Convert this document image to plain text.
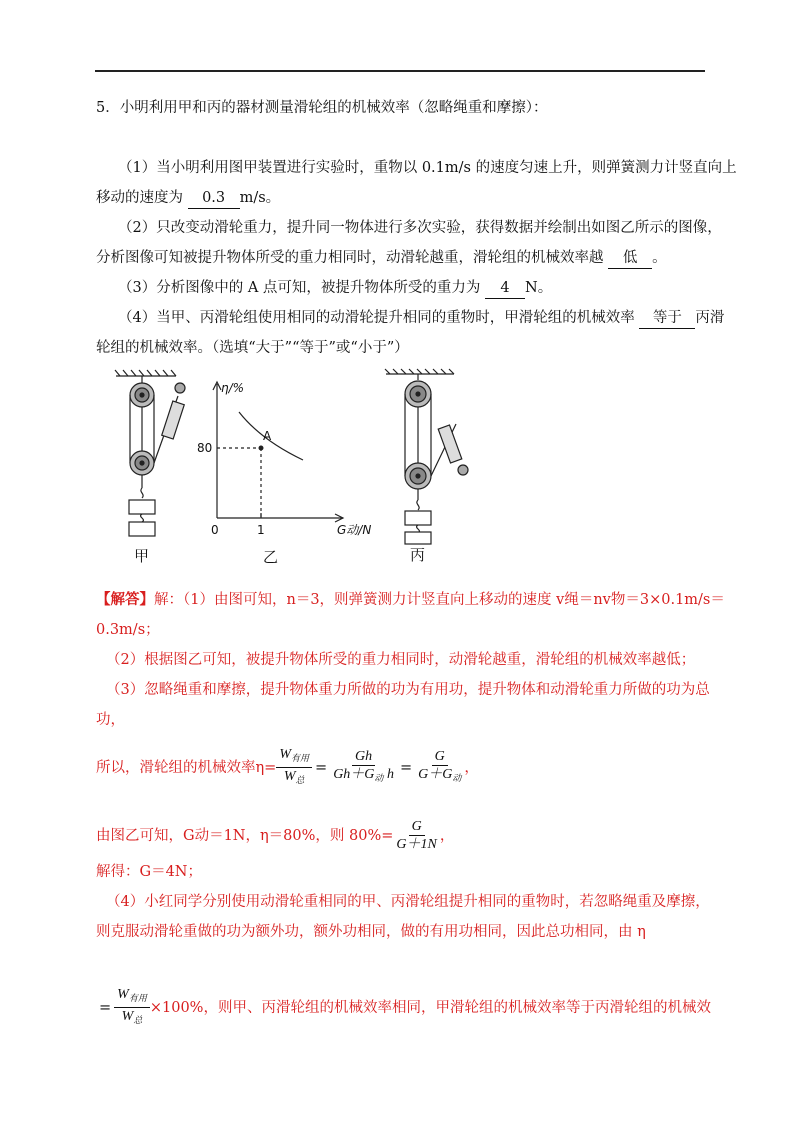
5．小明利用甲和丙的器材测量滑轮组的机械效率（忽略绳重和摩擦）：
（1）当小明利用图甲装置进行实验时，重物以 0.1m/s 的速度匀速上升，则弹簧测力计竖直向上
移动的速度为 0.3 m/s。
（2）只改变动滑轮重力，提升同一物体进行多次实验，获得数据并绘制出如图乙所示的图像，
分析图像可知被提升物体所受的重力相同时，动滑轮越重，滑轮组的机械效率越 低 。
（3）分析图像中的 A 点可知，被提升物体所受的重力为 4 N。
（4）当甲、丙滑轮组使用相同的动滑轮提升相同的重物时，甲滑轮组的机械效率 等于 丙滑
轮组的机械效率。（选填“大于”“等于”或“小于”）
甲
η/%
80
A
0	1	G动/N
乙	丙
【解答】解：（1）由图可知，n＝3，则弹簧测力计竖直向上移动的速度 v绳＝nv物＝3×0.1m/s＝
0.3m/s；
（2）根据图乙可知，被提升物体所受的重力相同时，动滑轮越重，滑轮组的机械效率越低；
（3）忽略绳重和摩擦，提升物体重力所做的功为有用功，提升物体和动滑轮重力所做的功为总
功，
所以，滑轮组的机械效率$\eta= \frac{W_{有用}}{W_总} = \frac{Gh}{Gh+G_动 h} = \frac{G}{G+G_动}$ ，
由图乙可知，G动＝1N，η＝80%，则 $80\%= \frac{G}{G+1N}$ ，
解得：G＝4N；
（4）小红同学分别使用动滑轮重相同的甲、丙滑轮组提升相同的重物时，若忽略绳重及摩擦，
则克服动滑轮重做的功为额外功，额外功相同，做的有用功相同，因此总功相同，由 η
= $\frac{W_{有用}}{W_总} \times 100\%$，则甲、丙滑轮组的机械效率相同，甲滑轮组的机械效率等于丙滑轮组的机械效
